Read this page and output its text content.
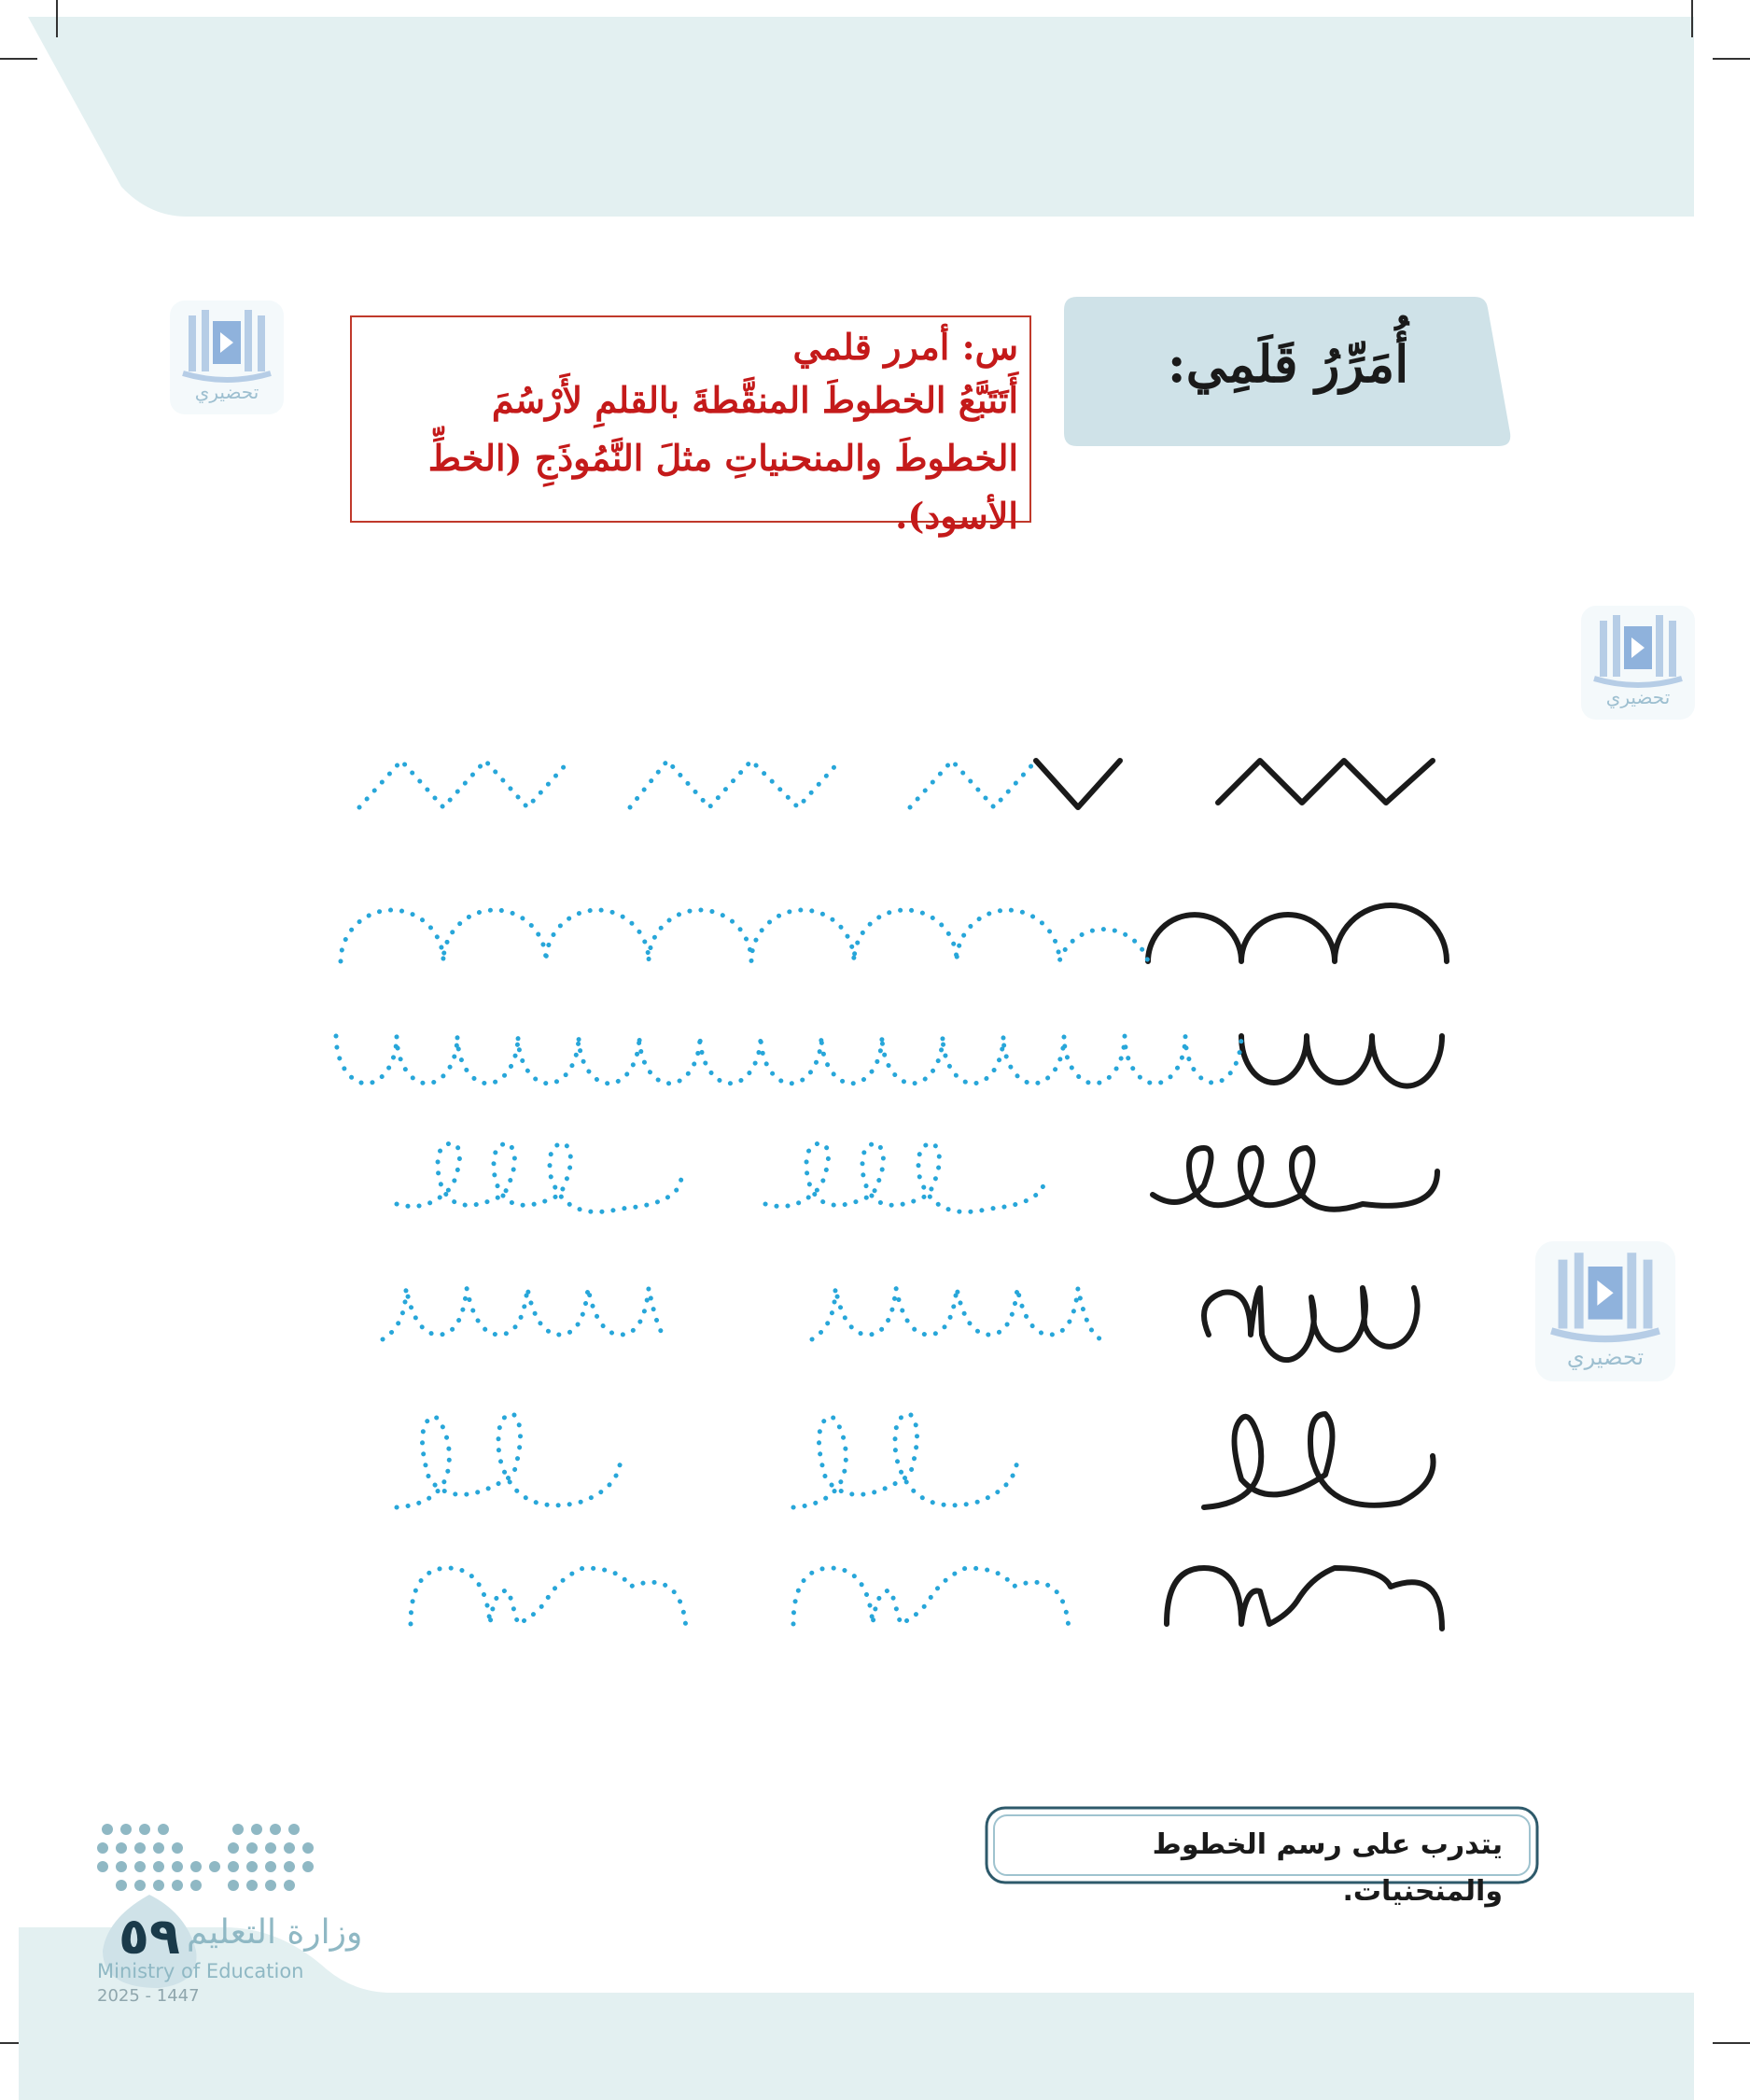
أُمَرِّرُ قَلَمِي:
س: أمرر قلمي
أَتَتَبَّعُ الخطوطَ المنقَّطةَ بالقلمِ لأَرْسُمَ الخطوطَ والمنحنياتِ مثلَ النَّمُوذَجِ (الخطِّ الأسود).
تحضيري
تحضيري
تحضيري
يتدرب على رسم الخطوط والمنحنيات.
٥٩ وزارة التعليم
Ministry of Education
2025 - 1447
